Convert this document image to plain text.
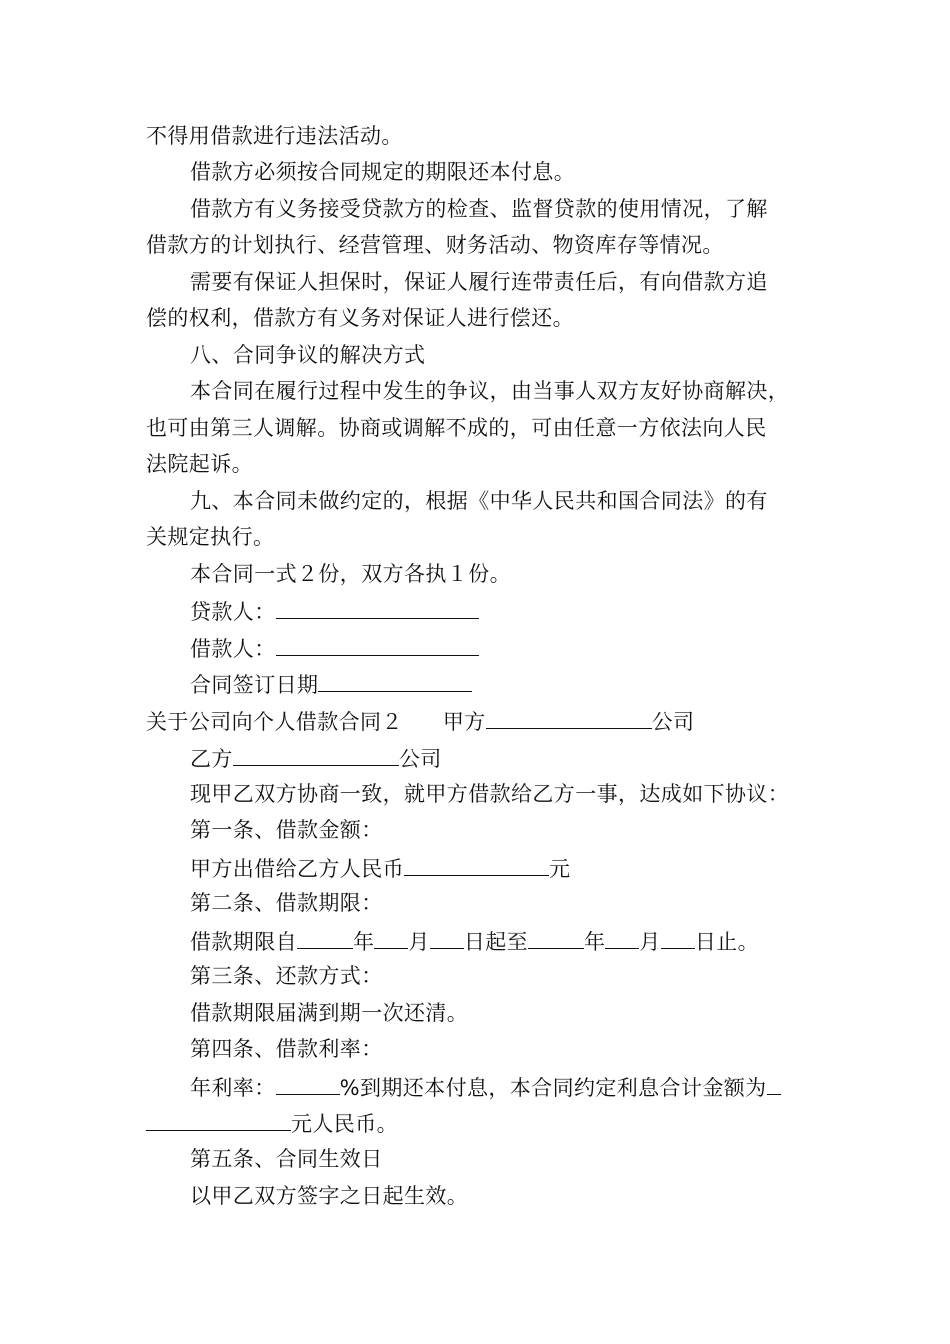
不得用借款进行违法活动。
借款方必须按合同规定的期限还本付息。
借款方有义务接受贷款方的检查、监督贷款的使用情况，了解
借款方的计划执行、经营管理、财务活动、物资库存等情况。
需要有保证人担保时，保证人履行连带责任后，有向借款方追
偿的权利，借款方有义务对保证人进行偿还。
八、合同争议的解决方式
本合同在履行过程中发生的争议，由当事人双方友好协商解决，
也可由第三人调解。协商或调解不成的，可由任意一方依法向人民
法院起诉。
九、本合同未做约定的，根据《中华人民共和国合同法》的有
关规定执行。
本合同一式２份，双方各执１份。
贷款人：
借款人：
合同签订日期
关于公司向个人借款合同２ 甲方	公司
乙方	公司
现甲乙双方协商一致，就甲方借款给乙方一事，达成如下协议：
第一条、借款金额：
甲方出借给乙方人民币	元
第二条、借款期限：
借款期限自	年 月 日起至	年 月 日止。
第三条、还款方式：
借款期限届满到期一次还清。
第四条、借款利率：
年利率：	%到期还本付息，本合同约定利息合计金额为
元人民币。
第五条、合同生效日
以甲乙双方签字之日起生效。
